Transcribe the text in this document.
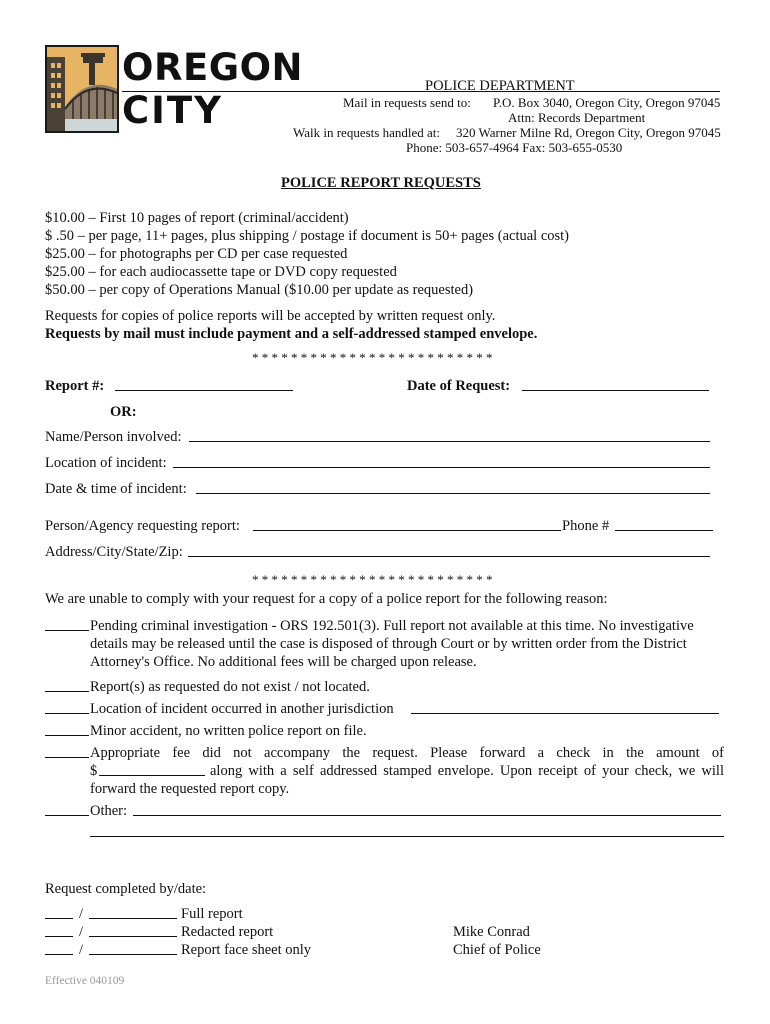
OREGON
CITY
POLICE DEPARTMENT
Mail in requests send to: P.O. Box 3040, Oregon City, Oregon 97045
Attn: Records Department
Walk in requests handled at: 320 Warner Milne Rd, Oregon City, Oregon 97045
Phone: 503-657-4964 Fax: 503-655-0530
POLICE REPORT REQUESTS
$10.00 – First 10 pages of report (criminal/accident)
$ .50 – per page, 11+ pages, plus shipping / postage if document is 50+ pages (actual cost)
$25.00 – for photographs per CD per case requested
$25.00 – for each audiocassette tape or DVD copy requested
$50.00 – per copy of Operations Manual ($10.00 per update as requested)
Requests for copies of police reports will be accepted by written request only.
Requests by mail must include payment and a self-addressed stamped envelope.
* * * * * * * * * * * * * * * * * * * * * * * * *
Report #:	Date of Request:
OR:
Name/Person involved:
Location of incident:
Date & time of incident:
Person/Agency requesting report:	Phone #
Address/City/State/Zip:
* * * * * * * * * * * * * * * * * * * * * * * * *
We are unable to comply with your request for a copy of a police report for the following reason:
Pending criminal investigation - ORS 192.501(3). Full report not available at this time. No investigative
details may be released until the case is disposed of through Court or by written order from the District
Attorney's Office. No additional fees will be charged upon release.
Report(s) as requested do not exist / not located.
Location of incident occurred in another jurisdiction
Minor accident, no written police report on file.
Appropriate fee did not accompany the request. Please forward a check in the amount of
$	along with a self addressed stamped envelope. Upon receipt of your check, we will
forward the requested report copy.
Other:
Request completed by/date:
/	Full report
/	Redacted report
/	Report face sheet only
Mike Conrad
Chief of Police
Effective 040109
